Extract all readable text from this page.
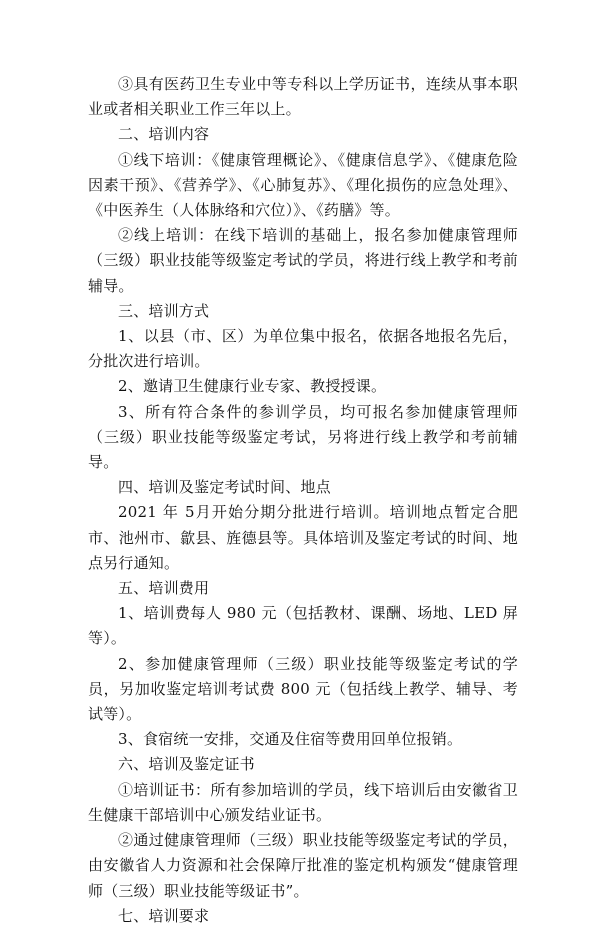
③具有医药卫生专业中等专科以上学历证书，连续从事本职业或者相关职业工作三年以上。

二、培训内容

①线下培训：《健康管理概论》、《健康信息学》、《健康危险因素干预》、《营养学》、《心肺复苏》、《理化损伤的应急处理》、《中医养生（人体脉络和穴位）》、《药膳》等。

②线上培训：在线下培训的基础上，报名参加健康管理师（三级）职业技能等级鉴定考试的学员，将进行线上教学和考前辅导。

三、培训方式

1、以县（市、区）为单位集中报名，依据各地报名先后，分批次进行培训。

2、邀请卫生健康行业专家、教授授课。

3、所有符合条件的参训学员，均可报名参加健康管理师（三级）职业技能等级鉴定考试，另将进行线上教学和考前辅导。

四、培训及鉴定考试时间、地点

2021 年 5月开始分期分批进行培训。培训地点暂定合肥市、池州市、歙县、旌德县等。具体培训及鉴定考试的时间、地点另行通知。

五、培训费用

1、培训费每人 980 元（包括教材、课酬、场地、LED 屏等）。

2、参加健康管理师（三级）职业技能等级鉴定考试的学员，另加收鉴定培训考试费 800 元（包括线上教学、辅导、考试等）。

3、食宿统一安排，交通及住宿等费用回单位报销。

六、培训及鉴定证书

①培训证书：所有参加培训的学员，线下培训后由安徽省卫生健康干部培训中心颁发结业证书。

②通过健康管理师（三级）职业技能等级鉴定考试的学员，由安徽省人力资源和社会保障厅批准的鉴定机构颁发“健康管理师（三级）职业技能等级证书”。

七、培训要求
